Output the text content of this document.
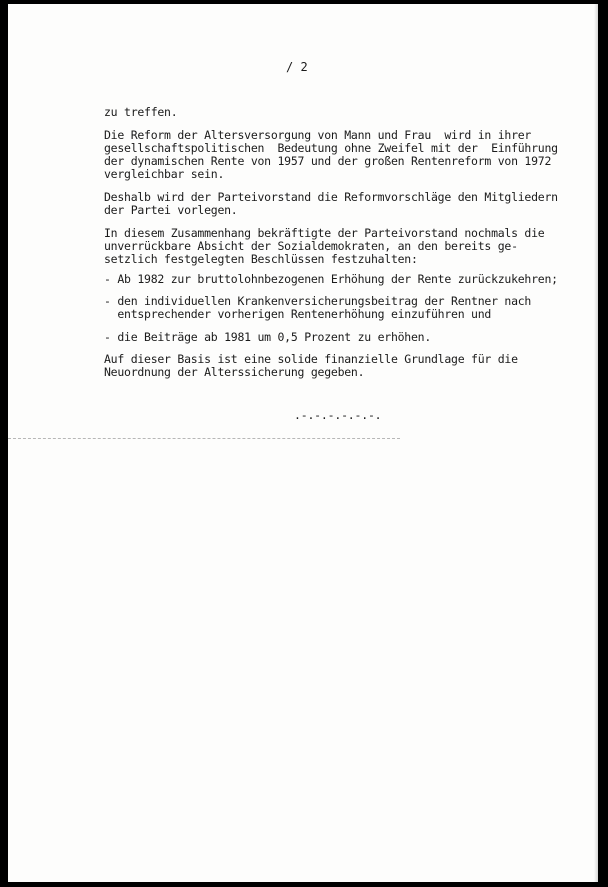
/ 2
zu treffen.
Die Reform der Altersversorgung von Mann und Frau  wird in ihrer
gesellschaftspolitischen  Bedeutung ohne Zweifel mit der  Einführung
der dynamischen Rente von 1957 und der großen Rentenreform von 1972
vergleichbar sein.
Deshalb wird der Parteivorstand die Reformvorschläge den Mitgliedern
der Partei vorlegen.
In diesem Zusammenhang bekräftigte der Parteivorstand nochmals die
unverrückbare Absicht der Sozialdemokraten, an den bereits ge-
setzlich festgelegten Beschlüssen festzuhalten:
- Ab 1982 zur bruttolohnbezogenen Erhöhung der Rente zurückzukehren;
- den individuellen Krankenversicherungsbeitrag der Rentner nach
entsprechender vorherigen Rentenerhöhung einzuführen und
- die Beiträge ab 1981 um 0,5 Prozent zu erhöhen.
Auf dieser Basis ist eine solide finanzielle Grundlage für die
Neuordnung der Alterssicherung gegeben.
.-.-.-.-.-.-.
